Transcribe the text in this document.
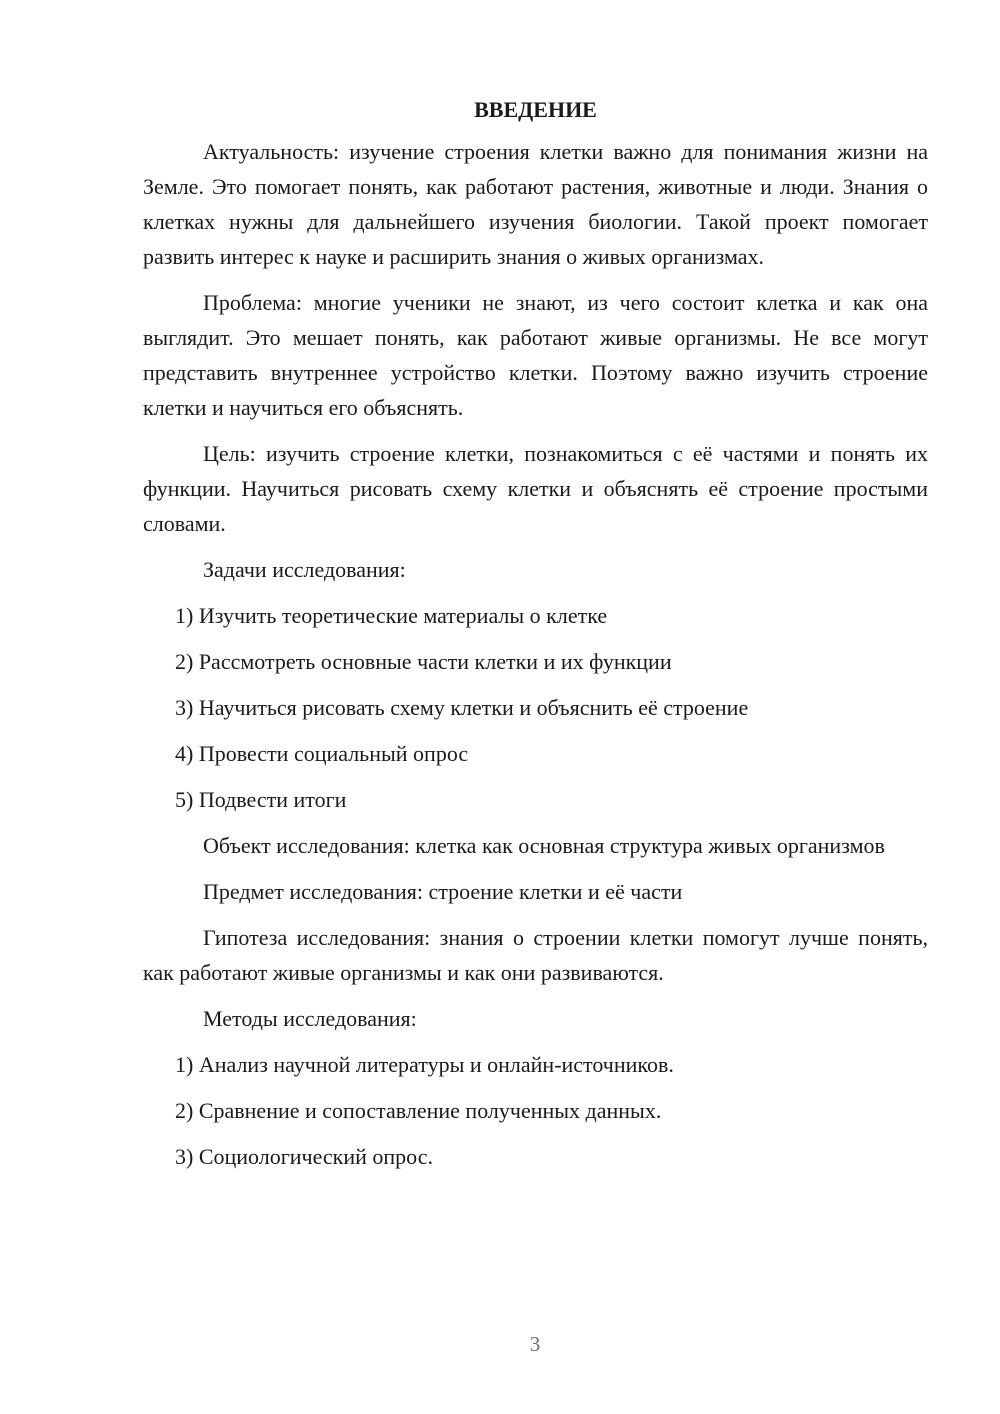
ВВЕДЕНИЕ

Актуальность: изучение строения клетки важно для понимания жизни на Земле. Это помогает понять, как работают растения, животные и люди. Знания о клетках нужны для дальнейшего изучения биологии. Такой проект помогает развить интерес к науке и расширить знания о живых организмах.

Проблема: многие ученики не знают, из чего состоит клетка и как она выглядит. Это мешает понять, как работают живые организмы. Не все могут представить внутреннее устройство клетки. Поэтому важно изучить строение клетки и научиться его объяснять.

Цель: изучить строение клетки, познакомиться с её частями и понять их функции. Научиться рисовать схему клетки и объяснять её строение простыми словами.

Задачи исследования:

1) Изучить теоретические материалы о клетке
2) Рассмотреть основные части клетки и их функции
3) Научиться рисовать схему клетки и объяснить её строение
4) Провести социальный опрос
5) Подвести итоги

Объект исследования: клетка как основная структура живых организмов

Предмет исследования: строение клетки и её части

Гипотеза исследования: знания о строении клетки помогут лучше понять, как работают живые организмы и как они развиваются.

Методы исследования:

1) Анализ научной литературы и онлайн-источников.
2) Сравнение и сопоставление полученных данных.
3) Социологический опрос.
3
